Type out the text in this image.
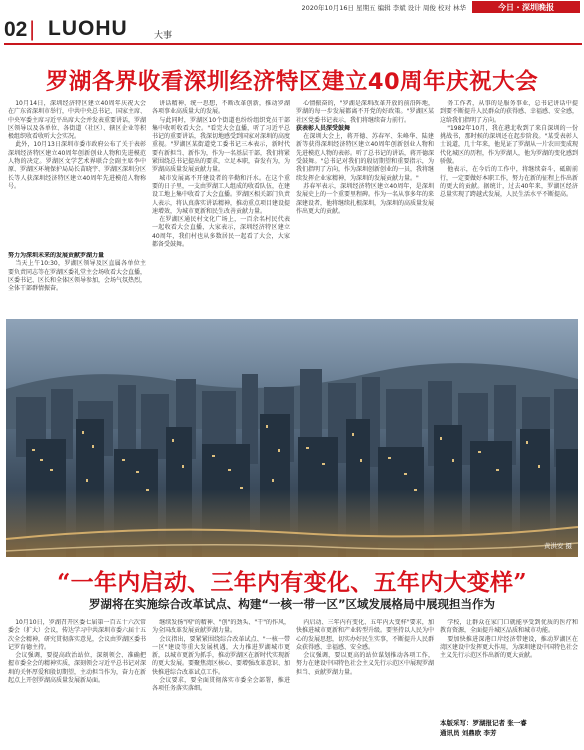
2020年10月16日 星期五 编辑 李斌 设计 周俊 校对 林华	今日・深圳晚报
02| LUOHU	大事
罗湖各界收看深圳经济特区建立40周年庆祝大会

10月14日，深圳经济特区建立40周年庆祝大会在广东省深圳市举行，中共中央总书记、国家主席、中央军委主席习近平出席大会并发表重要讲话，罗湖区领导以及各单位、各街道（社区）、辖区企业等积极组织收看收听大会实况。

此外，10月13日深圳市委市政府公布了关于表彰深圳经济特区建立40周年创新创业人物和先进模范人物的决定。罗湖区文学艺术界联合会副主席李中原、罗湖区环境保护局局长苗晓宇、罗湖区深圳分区长等人获深圳经济特区建立40周年先进模范人物称号。

努力为深圳未来的发展贡献罗湖力量

当天上午10:30，罗湖区领导及区直属各单位主要负责同志等在罗湖区委礼堂主会场收看大会直播，区委书记、区长和全体区领导参加，会场气氛热烈，全体干部群情振奋。

讲话精神，统一思想，不断改革创新，推动罗湖各项事业高质量大的发展。

与此同时，罗湖区10个街道也纷纷组织党员干部集中收听收看大会。"看完大会直播，听了习近平总书记的重要讲话，我深切地感受到国家对深圳的高度重视。"罗湖区某街道党工委书记三本表示，新时代要有新担当、新作为，作为一名基层干部，我们将紧紧围绕总书记提出的要求，立足本职，奋发有为，为罗湖高质量发展贡献力量。

城市发展离不开建设者的辛勤和汗水。在这个重要的日子里，一支由罗湖工人组成的收看队伍，在建设工地上集中收看了大会直播。罗湖区相关部门负责人表示，将认真落实讲话精神，推动重点项目建设提速增效，为城市更新和民生改善贡献力量。

在罗湖区通民村文化广场上，一百余名村民代表一起收看大会直播，大家表示，深圳经济特区建立40周年，我们村也从多数居民一起看了大会，大家都备受鼓舞。

心情振奋的，"罗湖是深圳改革开放的前沿阵地，罗湖的每一步发展都离不开党的好政策。"罗湖区某社区党委书记表示，我们将继续奋力前行。

获表彰人员深受鼓舞

在深圳大会上，蒋开德、苏春军、朱峰华、陆建新等获得深圳经济特区建立40周年创新创业人物和先进模范人物的表彰。听了总书记的讲话，蒋开德深受鼓舞。"总书记对我们的殷切期望和重要指示，为我们指明了方向，作为深圳创新创业的一员，我将继续发挥企业家精神，为深圳的发展贡献力量。"

苏春军表示，深圳经济特区建立40周年，是深圳发展史上的一个重要里程碑。作为一名从事多年的来深建设者，他将继续扎根深圳，为深圳的高质量发展作出更大的贡献。

务工作者，从事的是服务事业，总书记讲话中提到要不断提升人民群众的获得感、幸福感、安全感，这给我们指明了方向。

"1982年10月，我在港北收到了来自深圳的一份挑战书，那时候的深圳还在起步阶段。"某受表彰人士说道，几十年来，他见证了罗湖从一片农田变成现代化城区的历程，作为罗湖人，他为罗湖的变化感到骄傲。

他表示，在今后的工作中，将继续奋斗，砥砺前行，一定要做好本职工作，努力在新的征程上作出新的更大的贡献。据统计，过去40年来，罗湖区经济总量实现了跨越式发展，人民生活水平不断提高。

黄洪安 摄
“一年内启动、三年内有变化、五年内大变样”
罗湖将在实施综合改革试点、构建“一核一带一区”区域发展格局中展现担当作为

10月10日，罗湖召开区委七届第一百五十六次常委会（扩大）会议，传达学习中共深圳市委六届十五次全会精神，研究贯彻落实意见，会议由罗湖区委书记罗育德主持。

会议强调，要提高政治站位，深刻领会、准确把握市委全会的精神实质，深刻领会习近平总书记对深圳的关怀厚爱和殷切期望，主动担当作为，奋力在新起点上开创罗湖高质量发展新局面。

继续发扬"闯"的精神、"创"的劲头、"干"的作风，为全国改革发展贡献罗湖力量。

会议指出，要紧紧围绕综合改革试点、"一核一带一区"建设等重大发展机遇，大力推进罗湖城市更新，以城市更新为抓手，推动罗湖区在新时代实现新的更大发展。要聚焦湾区核心、要增强改革意识、加快推进综合改革试点工作。

会议要求，要全面贯彻落实市委全会部署，推进各项任务落实落细。

内启动、三年内有变化、五年内大变样"要求，加快推进城市更新和产业转型升级。要坚持以人民为中心的发展思想，切实办好民生实事，不断提升人民群众获得感、幸福感、安全感。

会议强调，要以更高的站位谋划推动各项工作，努力在建设中国特色社会主义先行示范区中展现罗湖担当、贡献罗湖力量。

学校，让群众在家门口就能享受到优质的医疗和教育资源，全面提升城区品质和城市功能。

要加快推进深港口岸经济带建设，推动罗湖区在湾区建设中发挥更大作用，为深圳建设中国特色社会主义先行示范区作出新的更大贡献。

本版采写：罗湖报记者 张一睿
通讯员 刘鼎欧 李芳
